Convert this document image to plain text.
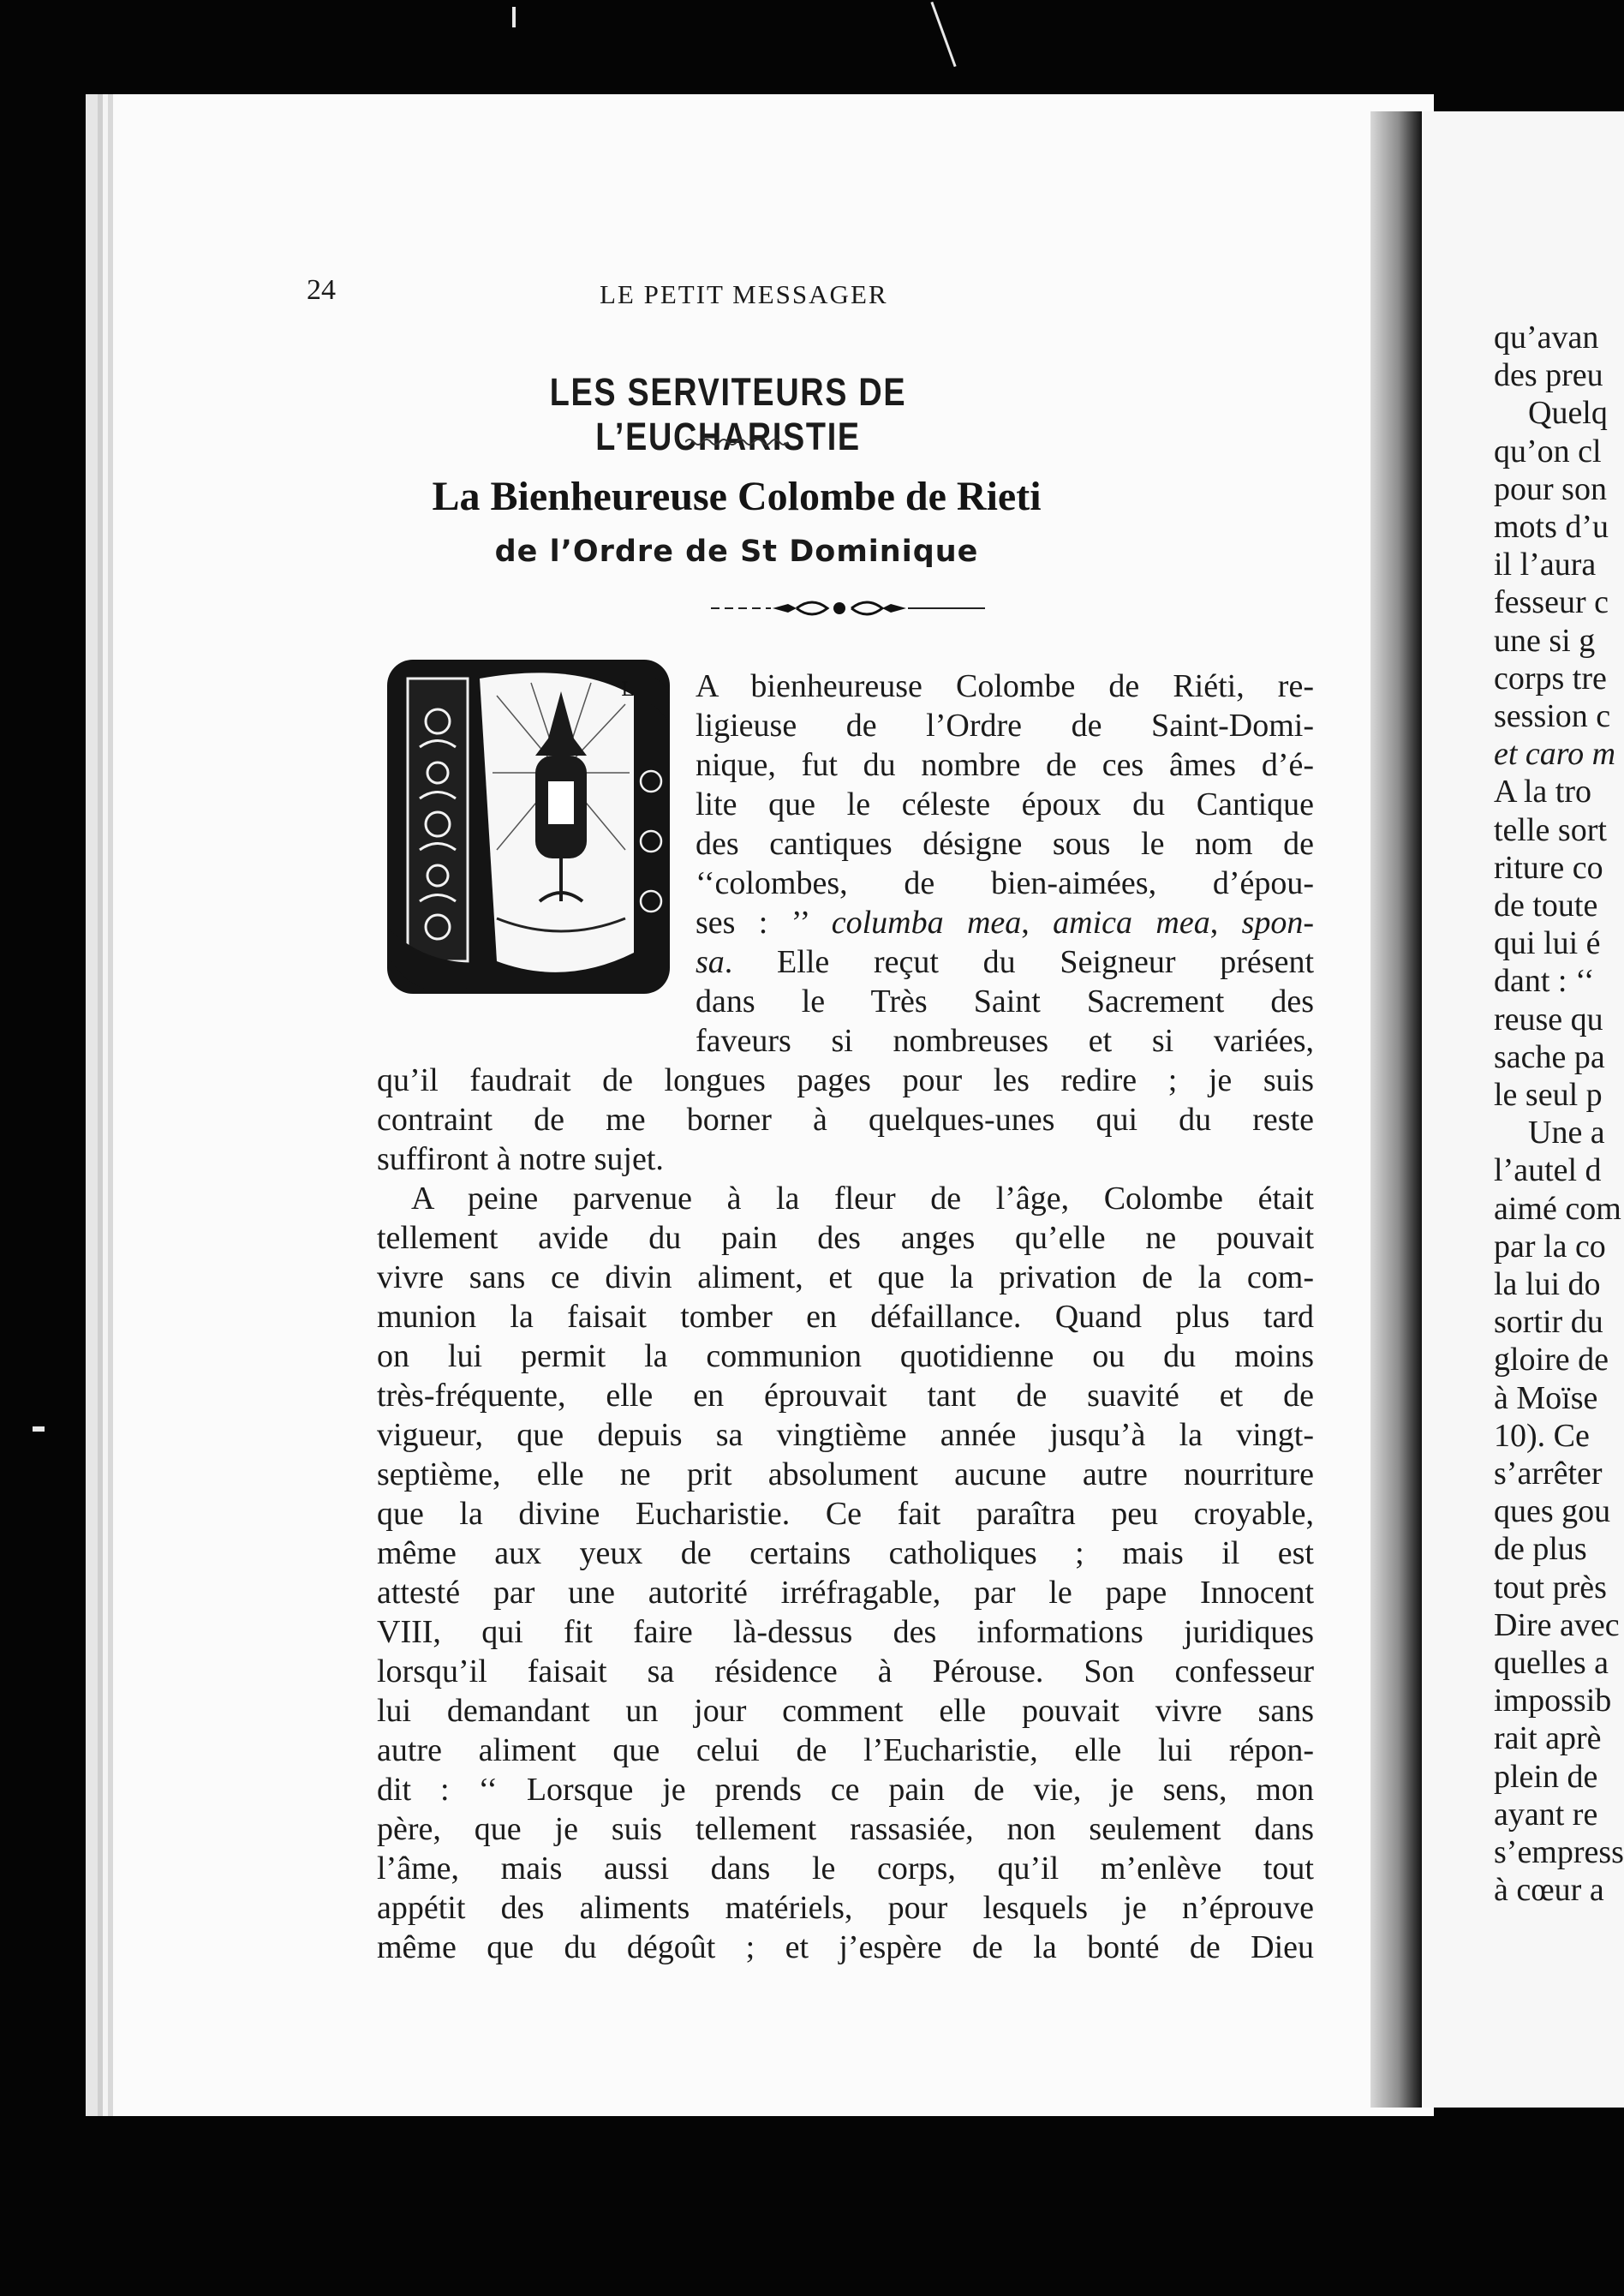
24	LE PETIT MESSAGER
LES SERVITEURS DE L’EUCHARISTIE
La Bienheureuse Colombe de Rieti
de l’Ordre de St Dominique
L A bienheureuse Colombe de Riéti, re-
ligieuse de l’Ordre de Saint-Domi-
nique, fut du nombre de ces âmes d’é-
lite que le céleste époux du Cantique
des cantiques désigne sous le nom de
‘‘colombes, de bien-aimées, d’épou-
ses : ’’ columba mea, amica mea, spon-
sa. Elle reçut du Seigneur présent
dans le Très Saint Sacrement des
faveurs si nombreuses et si variées,
qu’il faudrait de longues pages pour les redire ; je suis
contraint de me borner à quelques-unes qui du reste
suffiront à notre sujet.
A peine parvenue à la fleur de l’âge, Colombe était
tellement avide du pain des anges qu’elle ne pouvait
vivre sans ce divin aliment, et que la privation de la com-
munion la faisait tomber en défaillance. Quand plus tard
on lui permit la communion quotidienne ou du moins
très-fréquente, elle en éprouvait tant de suavité et de
vigueur, que depuis sa vingtième année jusqu’à la vingt-
septième, elle ne prit absolument aucune autre nourriture
que la divine Eucharistie. Ce fait paraîtra peu croyable,
même aux yeux de certains catholiques ; mais il est
attesté par une autorité irréfragable, par le pape Innocent
VIII, qui fit faire là-dessus des informations juridiques
lorsqu’il faisait sa résidence à Pérouse. Son confesseur
lui demandant un jour comment elle pouvait vivre sans
autre aliment que celui de l’Eucharistie, elle lui répon-
dit : ‘‘ Lorsque je prends ce pain de vie, je sens, mon
père, que je suis tellement rassasiée, non seulement dans
l’âme, mais aussi dans le corps, qu’il m’enlève tout
appétit des aliments matériels, pour lesquels je n’éprouve
même que du dégoût ; et j’espère de la bonté de Dieu
qu’avan
des preu
Quelq
qu’on cl
pour son
mots d’u
il l’aura
fesseur c
une si g
corps tre
session c
et caro m
A la tro
telle sort
riture co
de toute
qui lui é
dant : ‘‘
reuse qu
sache pa
le seul p
Une a
l’autel d
aimé com
par la co
la lui do
sortir du
gloire de
à Moïse
10). Ce
s’arrêter
ques gou
de plus
tout près
Dire avec
quelles a
impossib
rait aprè
plein de
ayant re
s’empress
à cœur a
